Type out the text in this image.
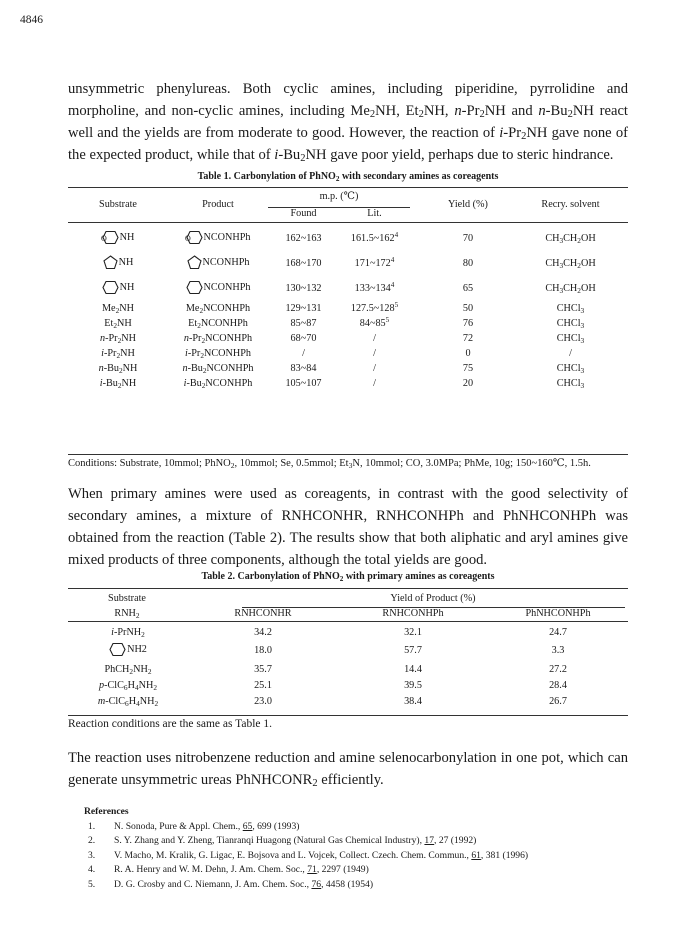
4846

unsymmetric phenylureas. Both cyclic amines, including piperidine, pyrrolidine and morpholine, and non-cyclic amines, including $Me_2NH$, $Et_2NH$, $n-Pr_2NH$ and $n-Bu_2NH$ react well and the yields are from moderate to good. However, the reaction of $i-Pr_2NH$ gave none of the expected product, while that of $i-Bu_2NH$ gave poor yield, perhaps due to steric hindrance.

Table 1. Carbonylation of PhNO$_2$ with secondary amines as coreagents
Substrate	Product
m.p. (℃)
Found	Lit.
Yield (%)	Recry. solvent
O NH	O NCONHPh	162~163	$161.5\sim 162^4$		70	$CH_3CH_2OH$

NH	NCONHPh	168~170	$171\sim 172^4$		80	$CH_3CH_2OH$

NH	NCONHPh	130~132	$133\sim 134^4$		65	$CH_3CH_2OH$
$Me_2NH$	$Me_2NCONHPh$	129~131	$127.5\sim 128^5$		50	CHCl$_3$
$Et_2NH$	$Et_2NCONHPh$	85~87	$84\sim 85^5$		76	CHCl$_3$
$n-Pr_2NH$	$n-Pr_2NCONHPh$	68~70	/		72	CHCl$_3$
$i-Pr_2NH$	$i-Pr_2NCONHPh$	/	/		0	/
$n-Bu_2NH$	$n-Bu_2NCONHPh$	83~84	/		75	CHCl$_3$
$i-Bu_2NH$	$i-Bu_2NCONHPh$	105~107	/		20	CHCl$_3$
Conditions: Substrate, 10mmol; PhNO$_2$, 10mmol; Se, 0.5mmol; $Et_3N$, 10mmol; CO, 3.0MPa; PhMe, 10g; 150~160℃, 1.5h.

When primary amines were used as coreagents, in contrast with the good selectivity of secondary amines, a mixture of RNHCONHR, RNHCONHPh and PhNHCONHPh was obtained from the reaction (Table 2). The results show that both aliphatic and aryl amines give mixed products of three components, although the total yields are good.

Table 2. Carbonylation of PhNO$_2$ with primary amines as coreagents
Substrate
$RNH_2$
Yield of Product (%)
RNHCONHR	RNHCONHPh	PhNHCONHPh
i-PrNH$_2$	34.2	32.1	24.7

NH2	18.0	57.7	3.3
$PhCH_2NH_2$	35.7	14.4	27.2
$p-ClC_6H_4NH_2$	25.1	39.5	28.4
$m-ClC_6H_4NH_2$	23.0	38.4	26.7
Reaction conditions are the same as Table 1.

The reaction uses nitrobenzene reduction and amine selenocarbonylation in one pot, which can generate unsymmetric ureas PhNHCONR$_2$ efficiently.

References
1.	N. Sonoda, Pure & Appl. Chem., 65, 699 (1993)
2.	S. Y. Zhang and Y. Zheng, Tianranqi Huagong (Natural Gas Chemical Industry), 17, 27 (1992)
3.	V. Macho, M. Kralik, G. Ligac, E. Bojsova and L. Vojcek, Collect. Czech. Chem. Commun., 61, 381 (1996)
4.	R. A. Henry and W. M. Dehn, J. Am. Chem. Soc., 71, 2297 (1949)
5.	D. G. Crosby and C. Niemann, J. Am. Chem. Soc., 76, 4458 (1954)
